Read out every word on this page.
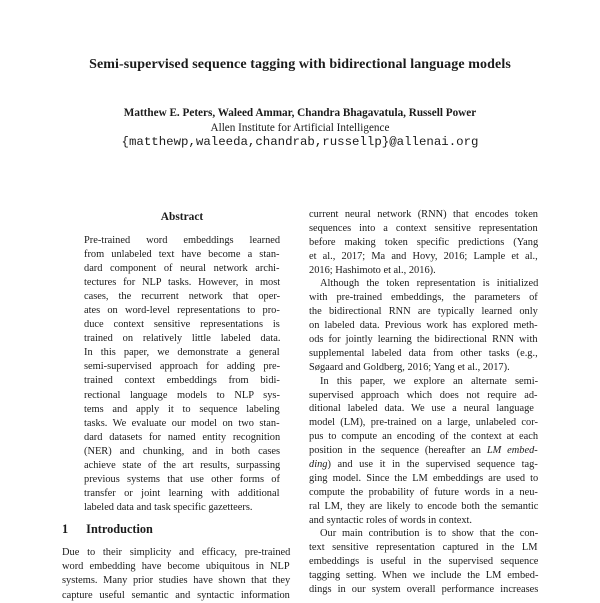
Semi-supervised sequence tagging with bidirectional language models
Matthew E. Peters, Waleed Ammar, Chandra Bhagavatula, Russell Power
Allen Institute for Artificial Intelligence
{matthewp,waleeda,chandrab,russellp}@allenai.org
Abstract
Pre-trained word embeddings learned
from unlabeled text have become a stan-
dard component of neural network archi-
tectures for NLP tasks. However, in most
cases, the recurrent network that oper-
ates on word-level representations to pro-
duce context sensitive representations is
trained on relatively little labeled data.
In this paper, we demonstrate a general
semi-supervised approach for adding pre-
trained context embeddings from bidi-
rectional language models to NLP sys-
tems and apply it to sequence labeling
tasks. We evaluate our model on two stan-
dard datasets for named entity recognition
(NER) and chunking, and in both cases
achieve state of the art results, surpassing
previous systems that use other forms of
transfer or joint learning with additional
labeled data and task specific gazetteers.
1 Introduction
Due to their simplicity and efficacy, pre-trained
word embedding have become ubiquitous in NLP
systems. Many prior studies have shown that they
capture useful semantic and syntactic information
current neural network (RNN) that encodes token
sequences into a context sensitive representation
before making token specific predictions (Yang
et al., 2017; Ma and Hovy, 2016; Lample et al.,
2016; Hashimoto et al., 2016).
Although the token representation is initialized
with pre-trained embeddings, the parameters of
the bidirectional RNN are typically learned only
on labeled data. Previous work has explored meth-
ods for jointly learning the bidirectional RNN with
supplemental labeled data from other tasks (e.g.,
Søgaard and Goldberg, 2016; Yang et al., 2017).
In this paper, we explore an alternate semi-
supervised approach which does not require ad-
ditional labeled data. We use a neural language
model (LM), pre-trained on a large, unlabeled cor-
pus to compute an encoding of the context at each
position in the sequence (hereafter an LM embed-
ding) and use it in the supervised sequence tag-
ging model. Since the LM embeddings are used to
compute the probability of future words in a neu-
ral LM, they are likely to encode both the semantic
and syntactic roles of words in context.
Our main contribution is to show that the con-
text sensitive representation captured in the LM
embeddings is useful in the supervised sequence
tagging setting. When we include the LM embed-
dings in our system overall performance increases
